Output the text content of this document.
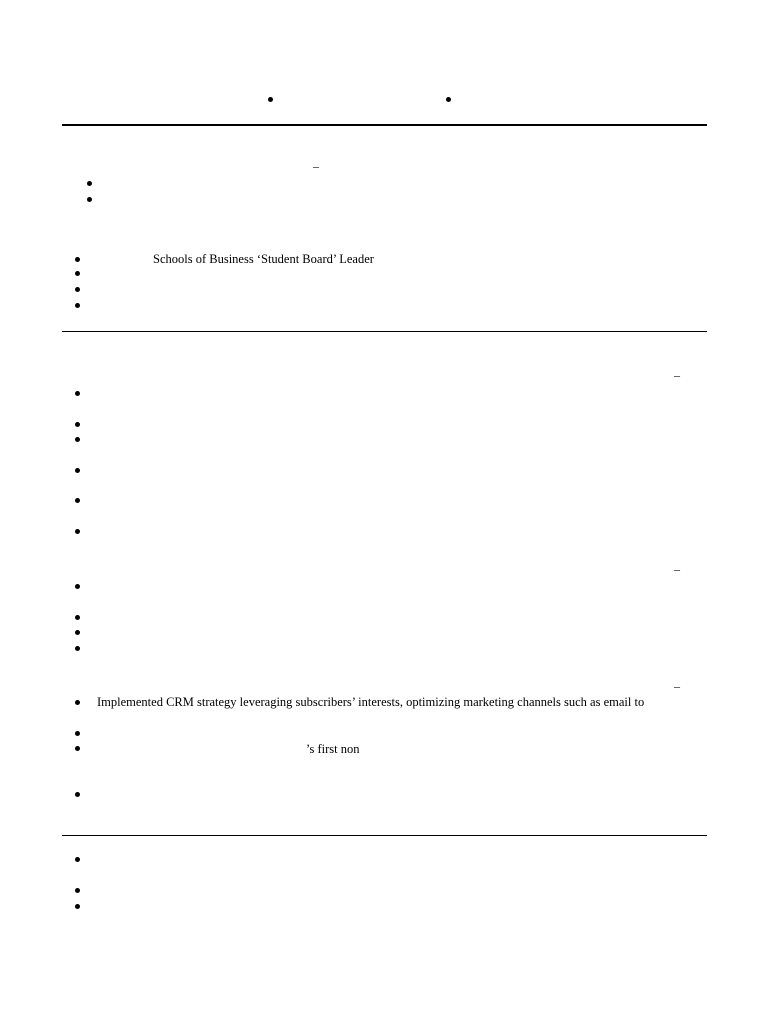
–
Schools of Business ‘Student Board’ Leader
–
–
–
Implemented CRM strategy leveraging subscribers’ interests, optimizing marketing channels such as email to
’s first non
